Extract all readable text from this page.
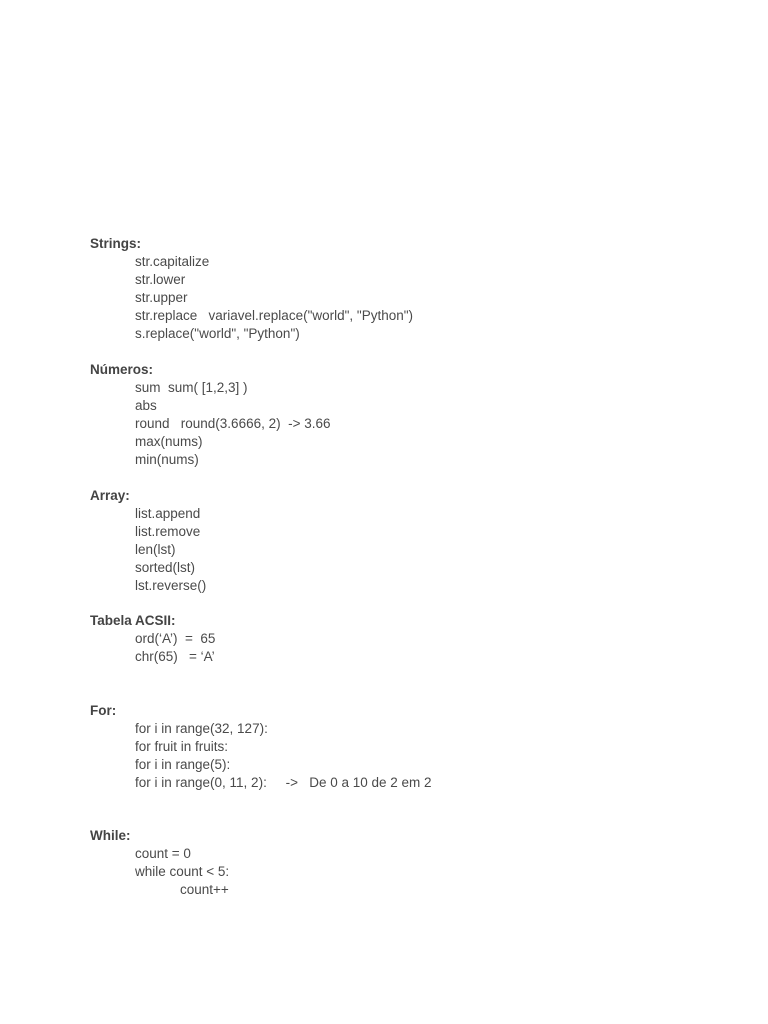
Strings:
str.capitalize
str.lower
str.upper
str.replace   variavel.replace("world", "Python")
s.replace("world", "Python")
Números:
sum  sum( [1,2,3] )
abs
round   round(3.6666, 2)  -> 3.66
max(nums)
min(nums)
Array:
list.append
list.remove
len(lst)
sorted(lst)
lst.reverse()
Tabela ACSII:
ord(‘A’)  =  65
chr(65)   = ‘A’
For:
for i in range(32, 127):
for fruit in fruits:
for i in range(5):
for i in range(0, 11, 2):     ->   De 0 a 10 de 2 em 2
While:
count = 0
while count < 5:
count++
